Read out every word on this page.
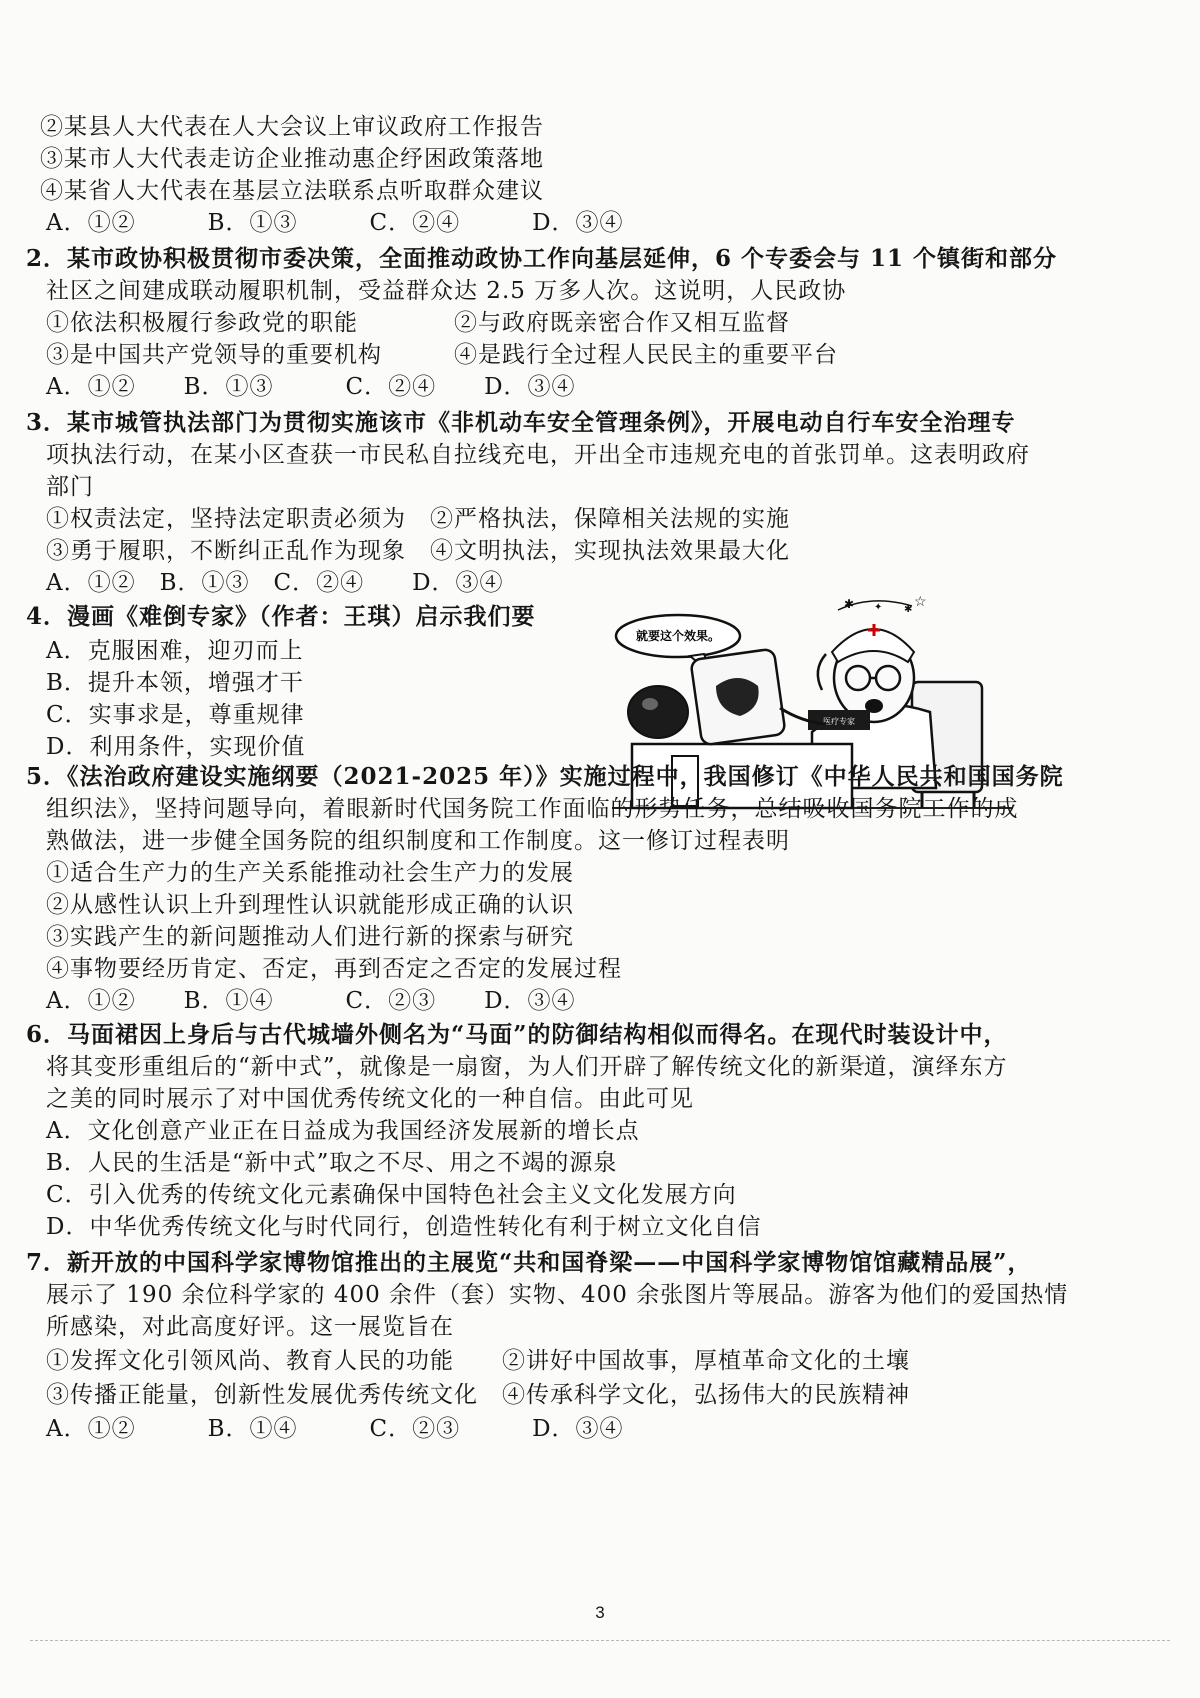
②某县人大代表在人大会议上审议政府工作报告
③某市人大代表走访企业推动惠企纾困政策落地
④某省人大代表在基层立法联系点听取群众建议
A．①②　　　B．①③　　　C．②④　　　D．③④
2．某市政协积极贯彻市委决策，全面推动政协工作向基层延伸，6 个专委会与 11 个镇街和部分
社区之间建成联动履职机制，受益群众达 2.5 万多人次。这说明，人民政协
①依法积极履行参政党的职能　　　　②与政府既亲密合作又相互监督
③是中国共产党领导的重要机构　　　④是践行全过程人民民主的重要平台
A．①②　　B．①③　　　C．②④　　D．③④
3．某市城管执法部门为贯彻实施该市《非机动车安全管理条例》，开展电动自行车安全治理专
项执法行动，在某小区查获一市民私自拉线充电，开出全市违规充电的首张罚单。这表明政府
部门
①权责法定，坚持法定职责必须为　②严格执法，保障相关法规的实施
③勇于履职，不断纠正乱作为现象　④文明执法，实现执法效果最大化
A．①②　B．①③　C．②④　　D．③④
4．漫画《难倒专家》（作者：王琪）启示我们要
A．克服困难，迎刃而上
B．提升本领，增强才干
C．实事求是，尊重规律
D．利用条件，实现价值
就要这个效果。
✱ ✦ ✱ ☆
医疗专家
5．《法治政府建设实施纲要（2021-2025 年）》实施过程中，我国修订《中华人民共和国国务院
组织法》，坚持问题导向，着眼新时代国务院工作面临的形势任务，总结吸收国务院工作的成
熟做法，进一步健全国务院的组织制度和工作制度。这一修订过程表明
①适合生产力的生产关系能推动社会生产力的发展
②从感性认识上升到理性认识就能形成正确的认识
③实践产生的新问题推动人们进行新的探索与研究
④事物要经历肯定、否定，再到否定之否定的发展过程
A．①②　　B．①④　　　C．②③　　D．③④
6．马面裙因上身后与古代城墙外侧名为“马面”的防御结构相似而得名。在现代时装设计中，
将其变形重组后的“新中式”，就像是一扇窗，为人们开辟了解传统文化的新渠道，演绎东方
之美的同时展示了对中国优秀传统文化的一种自信。由此可见
A．文化创意产业正在日益成为我国经济发展新的增长点
B．人民的生活是“新中式”取之不尽、用之不竭的源泉
C．引入优秀的传统文化元素确保中国特色社会主义文化发展方向
D．中华优秀传统文化与时代同行，创造性转化有利于树立文化自信
7．新开放的中国科学家博物馆推出的主展览“共和国脊梁——中国科学家博物馆馆藏精品展”，
展示了 190 余位科学家的 400 余件（套）实物、400 余张图片等展品。游客为他们的爱国热情
所感染，对此高度好评。这一展览旨在
①发挥文化引领风尚、教育人民的功能　　②讲好中国故事，厚植革命文化的土壤
③传播正能量，创新性发展优秀传统文化　④传承科学文化，弘扬伟大的民族精神
A．①②　　　B．①④　　　C．②③　　　D．③④
3
